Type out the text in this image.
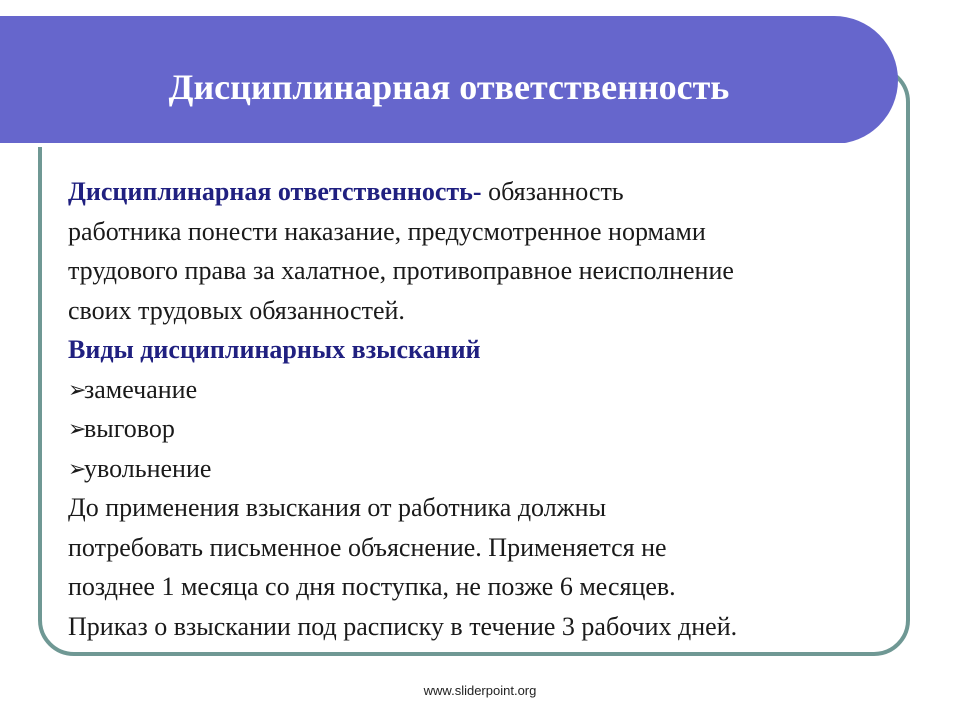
Дисциплинарная ответственность
Дисциплинарная ответственность- обязанность
работника понести наказание, предусмотренное нормами
трудового права за халатное, противоправное неисполнение
своих трудовых обязанностей.
Виды дисциплинарных взысканий
➢замечание
➢выговор
➢увольнение
До применения взыскания от работника должны
потребовать письменное объяснение. Применяется не
позднее 1 месяца со дня поступка, не позже 6 месяцев.
Приказ о взыскании под расписку в течение 3 рабочих дней.
www.sliderpoint.org
